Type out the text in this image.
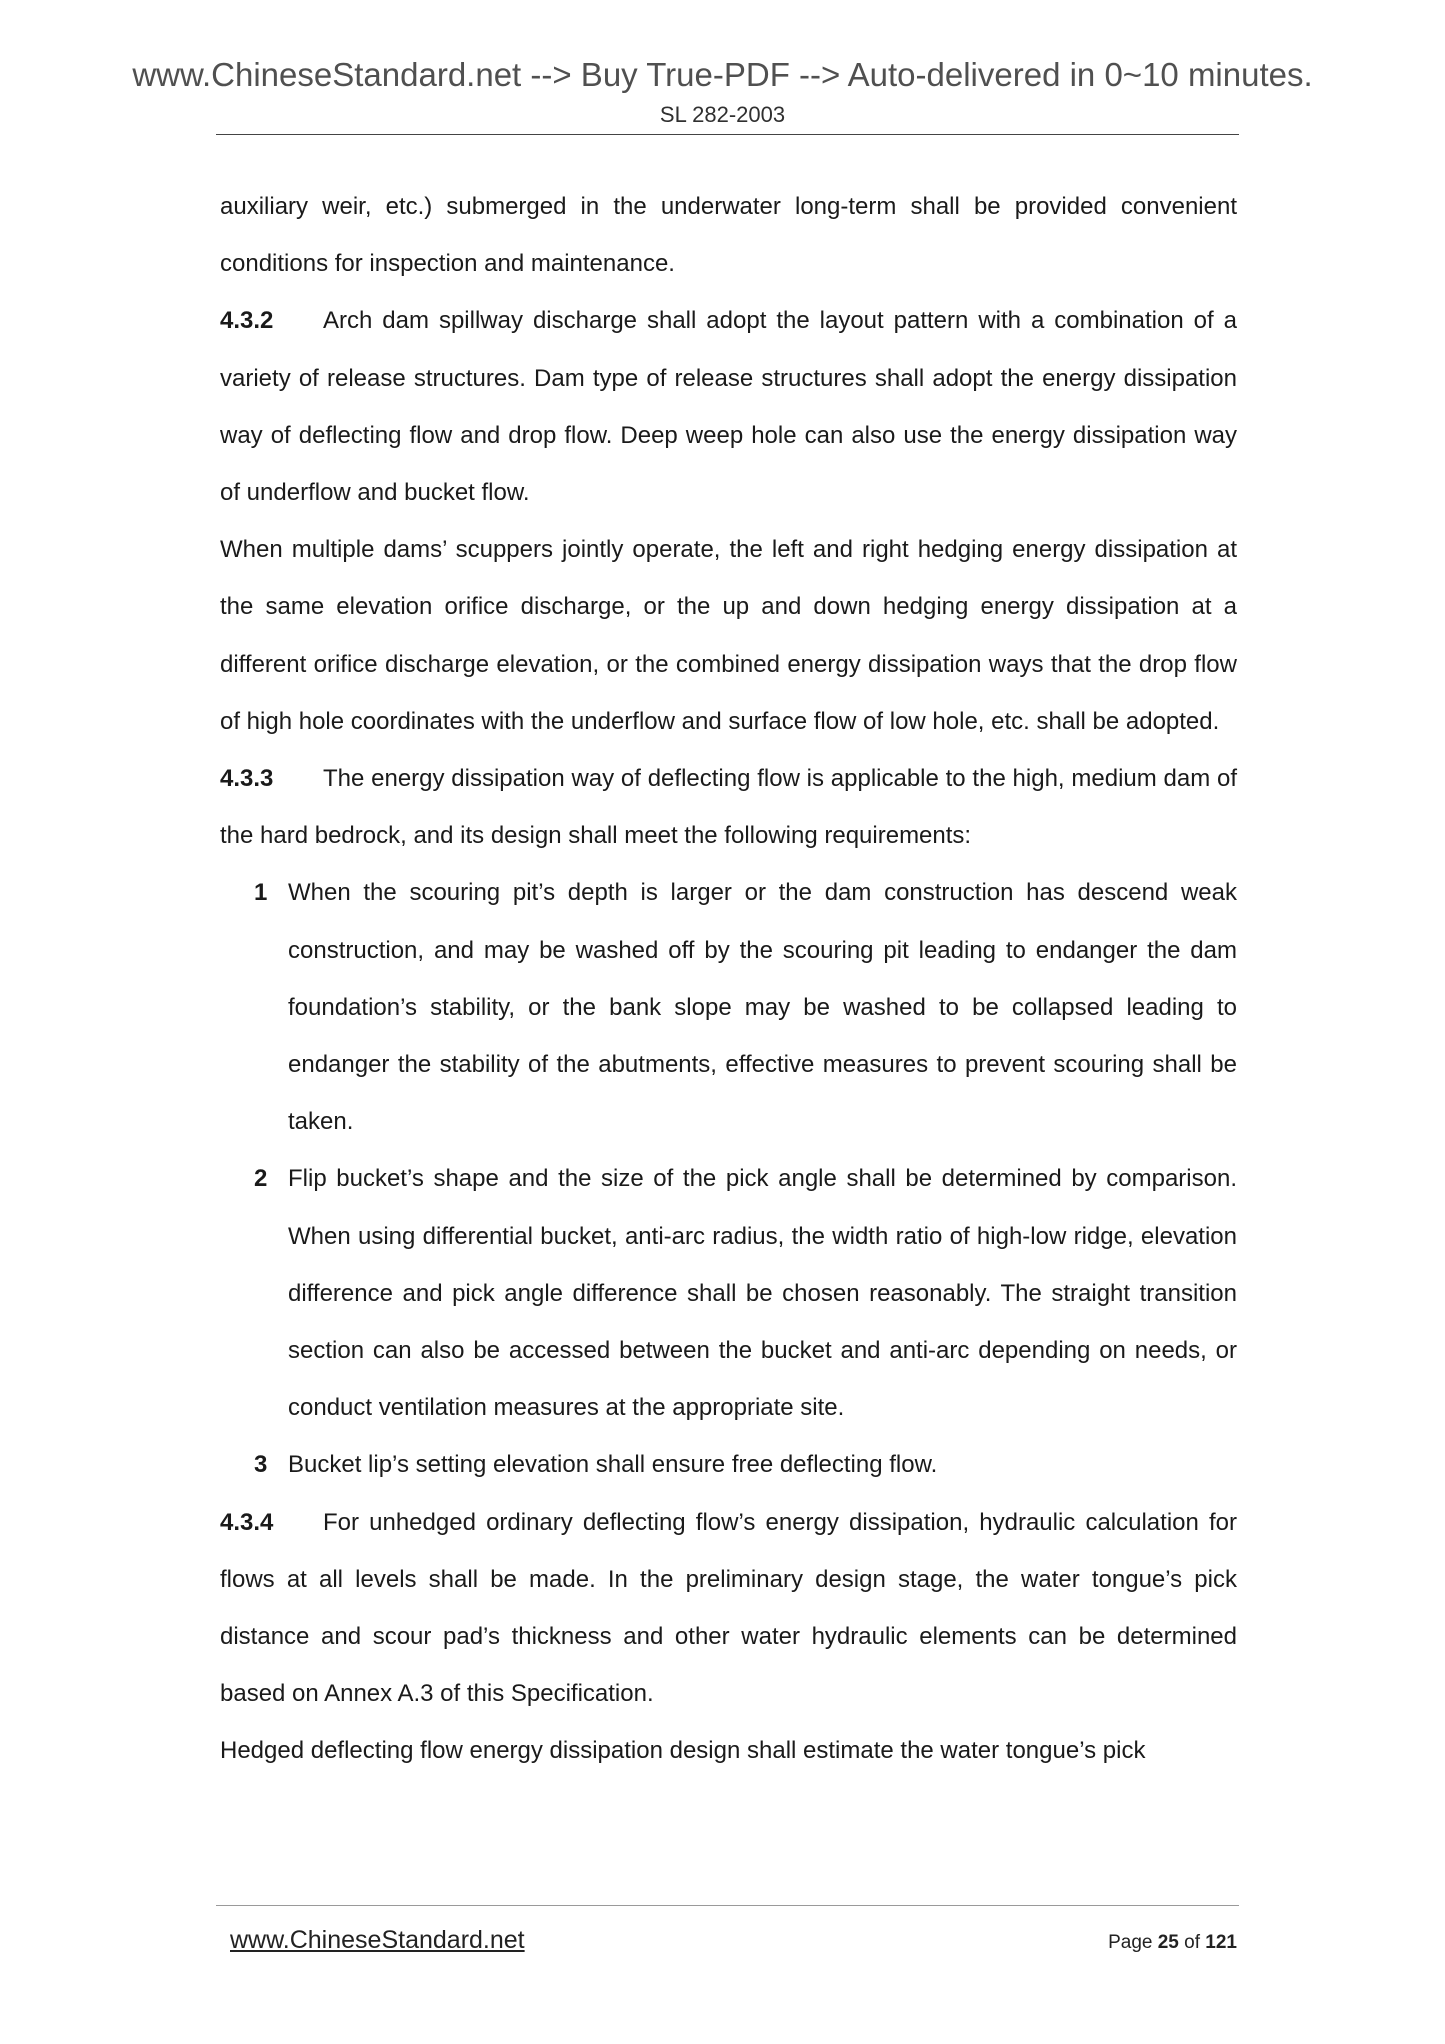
www.ChineseStandard.net --> Buy True-PDF --> Auto-delivered in 0~10 minutes.
SL 282-2003

auxiliary weir, etc.) submerged in the underwater long-term shall be provided convenient conditions for inspection and maintenance.

4.3.2 Arch dam spillway discharge shall adopt the layout pattern with a combination of a variety of release structures. Dam type of release structures shall adopt the energy dissipation way of deflecting flow and drop flow. Deep weep hole can also use the energy dissipation way of underflow and bucket flow.

When multiple dams’ scuppers jointly operate, the left and right hedging energy dissipation at the same elevation orifice discharge, or the up and down hedging energy dissipation at a different orifice discharge elevation, or the combined energy dissipation ways that the drop flow of high hole coordinates with the underflow and surface flow of low hole, etc. shall be adopted.

4.3.3 The energy dissipation way of deflecting flow is applicable to the high, medium dam of the hard bedrock, and its design shall meet the following requirements:

1 When the scouring pit’s depth is larger or the dam construction has descend weak construction, and may be washed off by the scouring pit leading to endanger the dam foundation’s stability, or the bank slope may be washed to be collapsed leading to endanger the stability of the abutments, effective measures to prevent scouring shall be taken.
2 Flip bucket’s shape and the size of the pick angle shall be determined by comparison. When using differential bucket, anti-arc radius, the width ratio of high-low ridge, elevation difference and pick angle difference shall be chosen reasonably. The straight transition section can also be accessed between the bucket and anti-arc depending on needs, or conduct ventilation measures at the appropriate site.
3 Bucket lip’s setting elevation shall ensure free deflecting flow.

4.3.4 For unhedged ordinary deflecting flow’s energy dissipation, hydraulic calculation for flows at all levels shall be made. In the preliminary design stage, the water tongue’s pick distance and scour pad’s thickness and other water hydraulic elements can be determined based on Annex A.3 of this Specification.

Hedged deflecting flow energy dissipation design shall estimate the water tongue’s pick

www.ChineseStandard.net	Page 25 of 121
